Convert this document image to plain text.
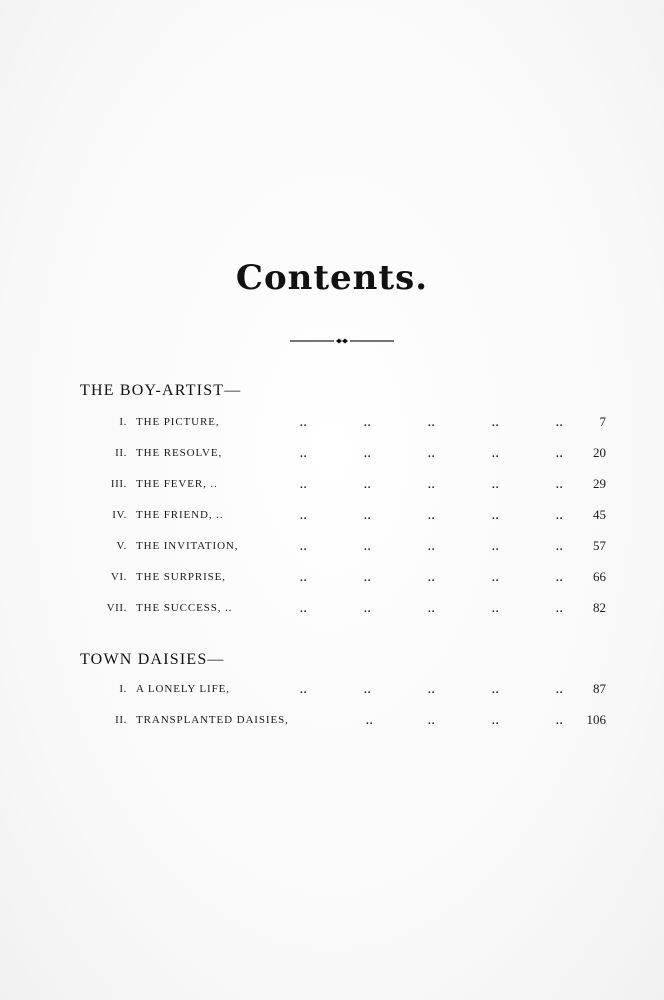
Contents.
THE BOY-ARTIST—
I. THE PICTURE,	..	..	..	..	..	7
II. THE RESOLVE,	..	..	..	..	..	20
III. THE FEVER, ..	..	..	..	..	..	29
IV. THE FRIEND, ..	..	..	..	..	..	45
V. THE INVITATION,	..	..	..	..	..	57
VI. THE SURPRISE,	..	..	..	..	..	66
VII. THE SUCCESS, ..	..	..	..	..	..	82
TOWN DAISIES—
I. A LONELY LIFE,	..	..	..	..	..	87
II. TRANSPLANTED DAISIES,	..	..	..	..	106
